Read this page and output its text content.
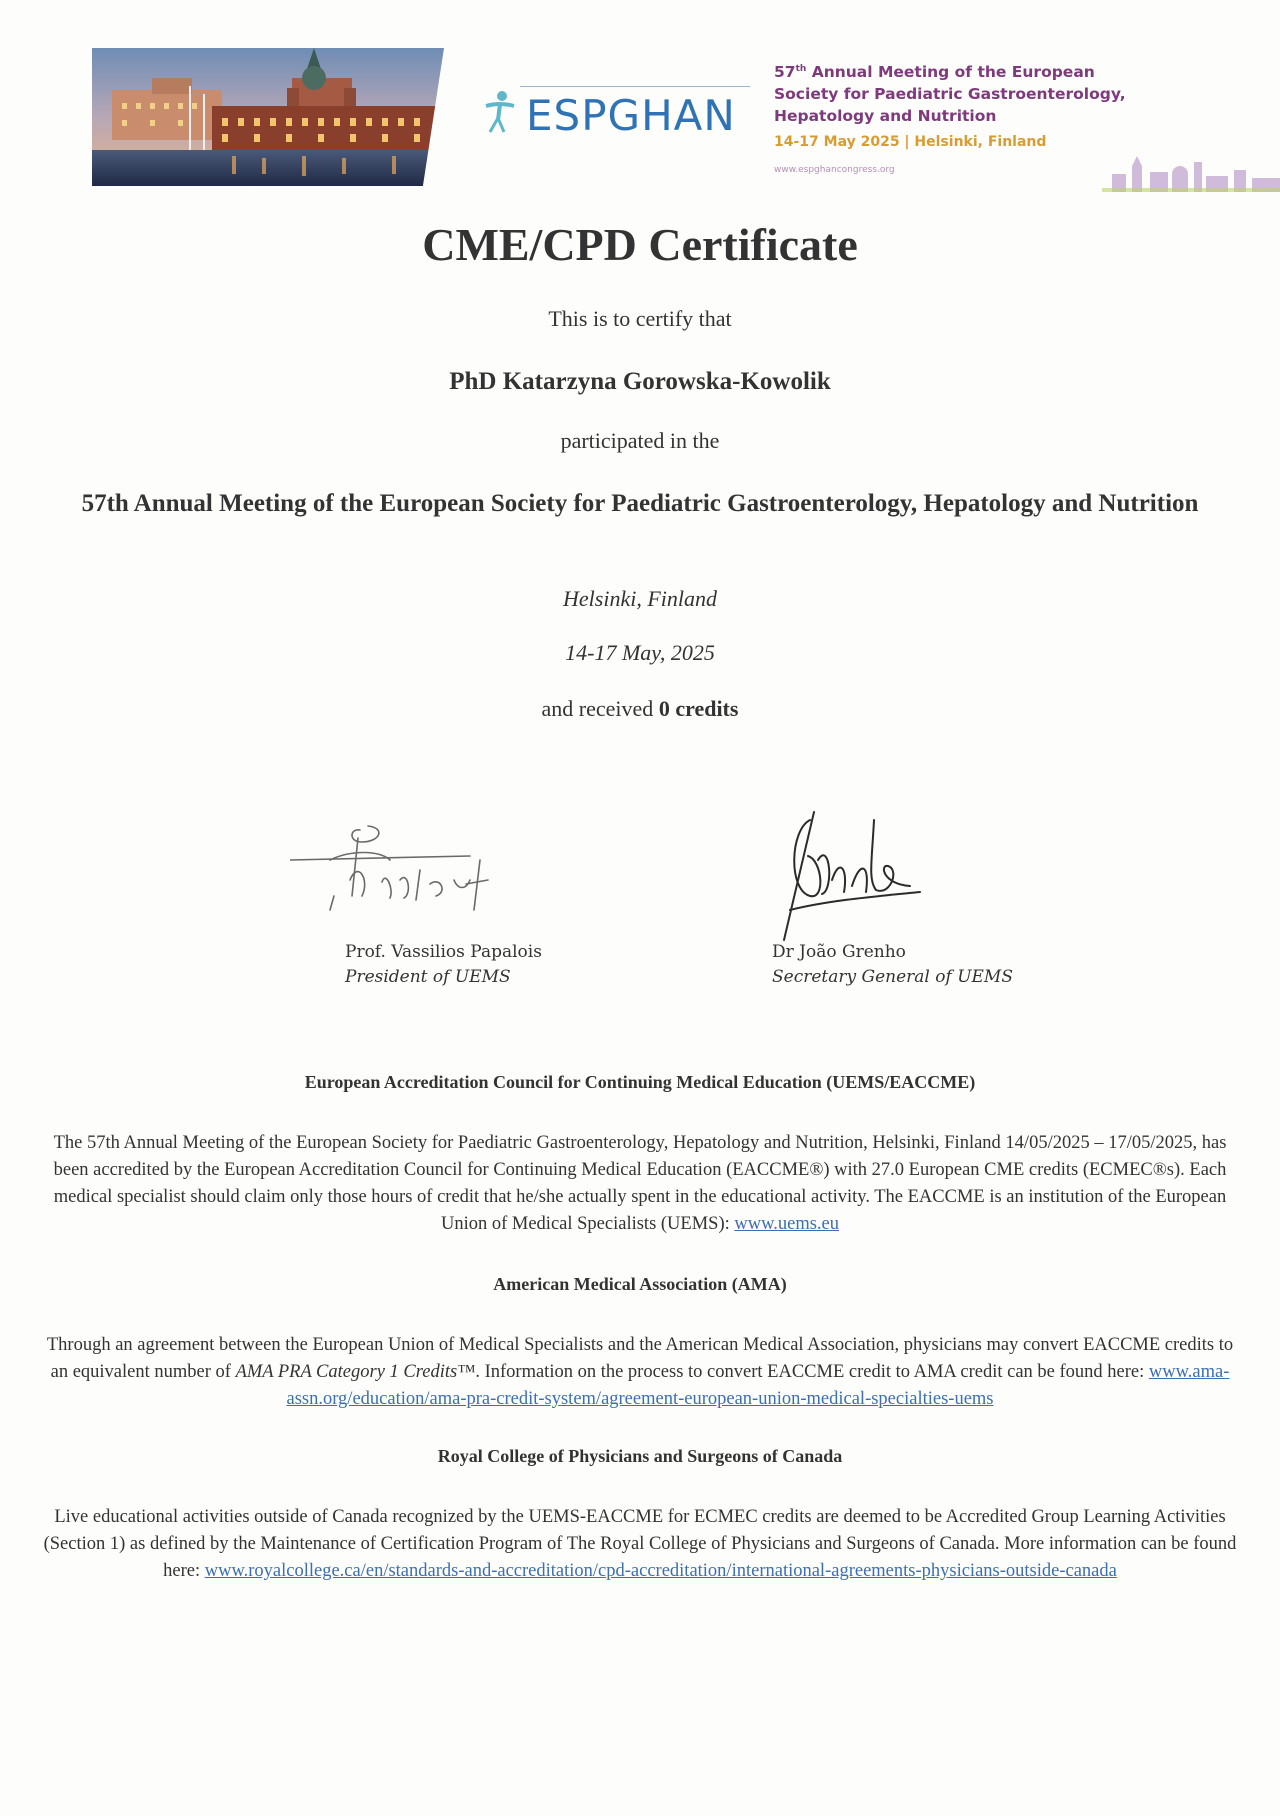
ESPGHAN
57th Annual Meeting of the European
Society for Paediatric Gastroenterology,
Hepatology and Nutrition
14-17 May 2025 | Helsinki, Finland
www.espghancongress.org
CME/CPD Certificate
This is to certify that
PhD Katarzyna Gorowska-Kowolik
participated in the
57th Annual Meeting of the European Society for Paediatric Gastroenterology, Hepatology and Nutrition
Helsinki, Finland
14-17 May, 2025
and received 0 credits
Prof. Vassilios Papalois
President of UEMS
Dr João Grenho
Secretary General of UEMS
European Accreditation Council for Continuing Medical Education (UEMS/EACCME)
The 57th Annual Meeting of the European Society for Paediatric Gastroenterology, Hepatology and Nutrition, Helsinki, Finland 14/05/2025 – 17/05/2025, has been accredited by the European Accreditation Council for Continuing Medical Education (EACCME®) with 27.0 European CME credits (ECMEC®s). Each medical specialist should claim only those hours of credit that he/she actually spent in the educational activity. The EACCME is an institution of the European Union of Medical Specialists (UEMS): www.uems.eu
American Medical Association (AMA)
Through an agreement between the European Union of Medical Specialists and the American Medical Association, physicians may convert EACCME credits to an equivalent number of AMA PRA Category 1 Credits™. Information on the process to convert EACCME credit to AMA credit can be found here: www.ama-assn.org/education/ama-pra-credit-system/agreement-european-union-medical-specialties-uems
Royal College of Physicians and Surgeons of Canada
Live educational activities outside of Canada recognized by the UEMS-EACCME for ECMEC credits are deemed to be Accredited Group Learning Activities (Section 1) as defined by the Maintenance of Certification Program of The Royal College of Physicians and Surgeons of Canada. More information can be found here: www.royalcollege.ca/en/standards-and-accreditation/cpd-accreditation/international-agreements-physicians-outside-canada
